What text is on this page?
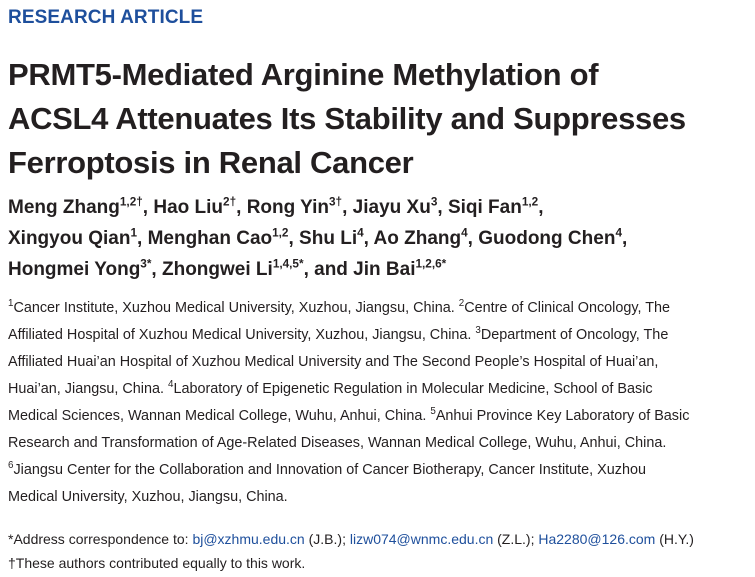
RESEARCH ARTICLE
PRMT5-Mediated Arginine Methylation of
ACSL4 Attenuates Its Stability and Suppresses
Ferroptosis in Renal Cancer
Meng Zhang$^{1,2\dagger}$, Hao Liu$^{2\dagger}$, Rong Yin$^{3\dagger}$, Jiayu Xu$^3$, Siqi Fan$^{1,2}$,
Xingyou Qian$^1$, Menghan Cao$^{1,2}$, Shu Li$^4$, Ao Zhang$^4$, Guodong Chen$^4$,
Hongmei Yong$^{3*}$, Zhongwei $Li^{1,4,5*}$, and Jin Bai$^{1,2,6*}$
$^1$Cancer Institute, Xuzhou Medical University, Xuzhou, Jiangsu, China. $^2$Centre of Clinical Oncology, The
Affiliated Hospital of Xuzhou Medical University, Xuzhou, Jiangsu, China. $^3$Department of Oncology, The
Affiliated Huai’an Hospital of Xuzhou Medical University and The Second People’s Hospital of Huai’an,
Huai’an, Jiangsu, China. $^4$Laboratory of Epigenetic Regulation in Molecular Medicine, School of Basic
Medical Sciences, Wannan Medical College, Wuhu, Anhui, China. $^5$Anhui Province Key Laboratory of Basic
Research and Transformation of Age-Related Diseases, Wannan Medical College, Wuhu, Anhui, China.
$^6$Jiangsu Center for the Collaboration and Innovation of Cancer Biotherapy, Cancer Institute, Xuzhou
Medical University, Xuzhou, Jiangsu, China.
*Address correspondence to: bj@xzhmu.edu.cn (J.B.); lizw074@wnmc.edu.cn (Z.L.); Ha2280@126.com (H.Y.)
†These authors contributed equally to this work.
